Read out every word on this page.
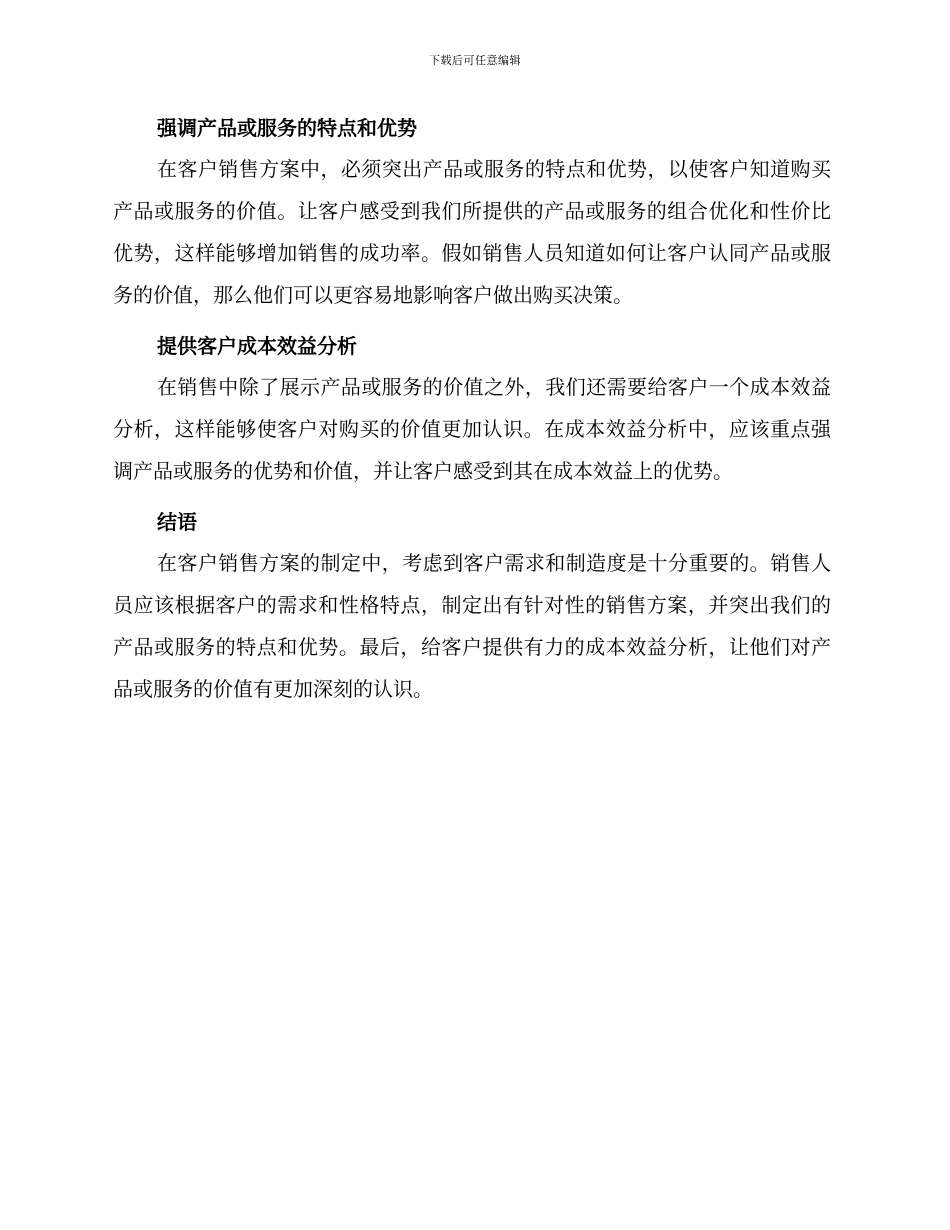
下载后可任意编辑
强调产品或服务的特点和优势

在客户销售方案中，必须突出产品或服务的特点和优势，以使客户知道购买产品或服务的价值。让客户感受到我们所提供的产品或服务的组合优化和性价比优势，这样能够增加销售的成功率。假如销售人员知道如何让客户认同产品或服务的价值，那么他们可以更容易地影响客户做出购买决策。

提供客户成本效益分析

在销售中除了展示产品或服务的价值之外，我们还需要给客户一个成本效益分析，这样能够使客户对购买的价值更加认识。在成本效益分析中，应该重点强调产品或服务的优势和价值，并让客户感受到其在成本效益上的优势。

结语

在客户销售方案的制定中，考虑到客户需求和制造度是十分重要的。销售人员应该根据客户的需求和性格特点，制定出有针对性的销售方案，并突出我们的产品或服务的特点和优势。最后，给客户提供有力的成本效益分析，让他们对产品或服务的价值有更加深刻的认识。
